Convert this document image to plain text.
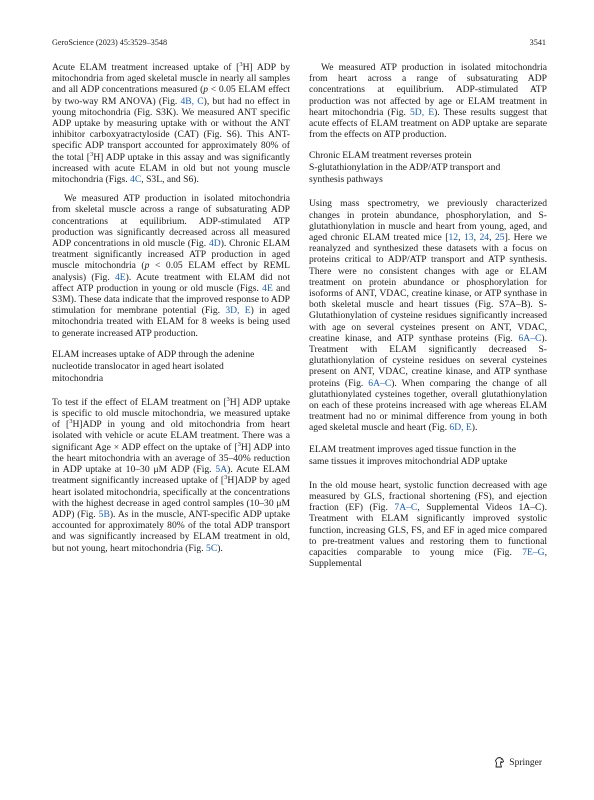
GeroScience (2023) 45:3529–3548	3541

Acute ELAM treatment increased uptake of [$^3$H] ADP by mitochondria from aged skeletal muscle in nearly all samples and all ADP concentrations measured (p < 0.05 ELAM effect by two-way RM ANOVA) (Fig. 4B, C), but had no effect in young mitochondria (Fig. S3K). We measured ANT specific ADP uptake by measuring uptake with or without the ANT inhibitor carboxyatractyloside (CAT) (Fig. S6). This ANT-specific ADP transport accounted for approximately 80% of the total [$^3$H] ADP uptake in this assay and was significantly increased with acute ELAM in old but not young muscle mitochondria (Figs. 4C, S3L, and S6).

We measured ATP production in isolated mitochondria from skeletal muscle across a range of subsaturating ADP concentrations at equilibrium. ADP-stimulated ATP production was significantly decreased across all measured ADP concentrations in old muscle (Fig. 4D). Chronic ELAM treatment significantly increased ATP production in aged muscle mitochondria (p < 0.05 ELAM effect by REML analysis) (Fig. 4E). Acute treatment with ELAM did not affect ATP production in young or old muscle (Figs. 4E and S3M). These data indicate that the improved response to ADP stimulation for membrane potential (Fig. 3D, E) in aged mitochondria treated with ELAM for 8 weeks is being used to generate increased ATP production.

ELAM increases uptake of ADP through the adenine
nucleotide translocator in aged heart isolated
mitochondria

To test if the effect of ELAM treatment on [$^3$H] ADP uptake is specific to old muscle mitochondria, we measured uptake of [$^3$H]ADP in young and old mitochondria from heart isolated with vehicle or acute ELAM treatment. There was a significant Age × ADP effect on the uptake of [$^3$H] ADP into the heart mitochondria with an average of 35–40% reduction in ADP uptake at 10–30 μM ADP (Fig. 5A). Acute ELAM treatment significantly increased uptake of [$^3$H]ADP by aged heart isolated mitochondria, specifically at the concentrations with the highest decrease in aged control samples (10–30 μM ADP) (Fig. 5B). As in the muscle, ANT-specific ADP uptake accounted for approximately 80% of the total ADP transport and was significantly increased by ELAM treatment in old, but not young, heart mitochondria (Fig. 5C).

We measured ATP production in isolated mitochondria from heart across a range of subsaturating ADP concentrations at equilibrium. ADP-stimulated ATP production was not affected by age or ELAM treatment in heart mitochondria (Fig. 5D, E). These results suggest that acute effects of ELAM treatment on ADP uptake are separate from the effects on ATP production.

Chronic ELAM treatment reverses protein
S-glutathionylation in the ADP/ATP transport and
synthesis pathways

Using mass spectrometry, we previously characterized changes in protein abundance, phosphorylation, and S-glutathionylation in muscle and heart from young, aged, and aged chronic ELAM treated mice [12, 13, 24, 25]. Here we reanalyzed and synthesized these datasets with a focus on proteins critical to ADP/ATP transport and ATP synthesis. There were no consistent changes with age or ELAM treatment on protein abundance or phosphorylation for isoforms of ANT, VDAC, creatine kinase, or ATP synthase in both skeletal muscle and heart tissues (Fig. S7A–B). S-Glutathionylation of cysteine residues significantly increased with age on several cysteines present on ANT, VDAC, creatine kinase, and ATP synthase proteins (Fig. 6A–C). Treatment with ELAM significantly decreased S-glutathionylation of cysteine residues on several cysteines present on ANT, VDAC, creatine kinase, and ATP synthase proteins (Fig. 6A–C). When comparing the change of all glutathionylated cysteines together, overall glutathionylation on each of these proteins increased with age whereas ELAM treatment had no or minimal difference from young in both aged skeletal muscle and heart (Fig. 6D, E).

ELAM treatment improves aged tissue function in the
same tissues it improves mitochondrial ADP uptake

In the old mouse heart, systolic function decreased with age measured by GLS, fractional shortening (FS), and ejection fraction (EF) (Fig. 7A–C, Supplemental Videos 1A–C). Treatment with ELAM significantly improved systolic function, increasing GLS, FS, and EF in aged mice compared to pre-treatment values and restoring them to functional capacities comparable to young mice (Fig. 7E–G, Supplemental

Springer
